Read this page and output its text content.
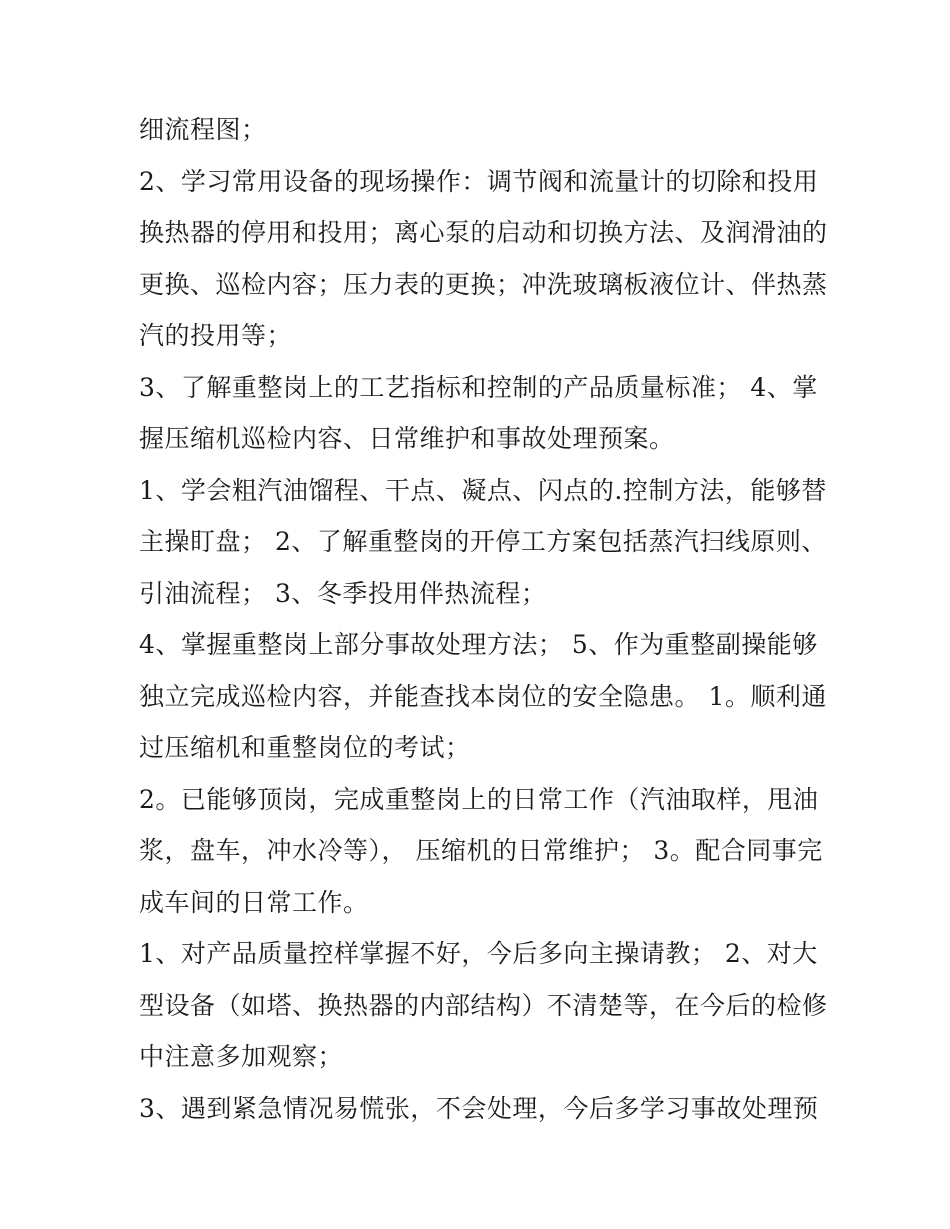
细流程图；
2、学习常用设备的现场操作：调节阀和流量计的切除和投用
换热器的停用和投用；离心泵的启动和切换方法、及润滑油的
更换、巡检内容；压力表的更换；冲洗玻璃板液位计、伴热蒸
汽的投用等；
3、了解重整岗上的工艺指标和控制的产品质量标准； 4、掌
握压缩机巡检内容、日常维护和事故处理预案。
1、学会粗汽油馏程、干点、凝点、闪点的.控制方法，能够替
主操盯盘； 2、了解重整岗的开停工方案包括蒸汽扫线原则、
引油流程； 3、冬季投用伴热流程；
4、掌握重整岗上部分事故处理方法； 5、作为重整副操能够
独立完成巡检内容，并能查找本岗位的安全隐患。 1。顺利通
过压缩机和重整岗位的考试；
2。已能够顶岗，完成重整岗上的日常工作（汽油取样，甩油
浆，盘车，冲水冷等）， 压缩机的日常维护； 3。配合同事完
成车间的日常工作。
1、对产品质量控样掌握不好，今后多向主操请教； 2、对大
型设备（如塔、换热器的内部结构）不清楚等，在今后的检修
中注意多加观察；
3、遇到紧急情况易慌张，不会处理，今后多学习事故处理预
